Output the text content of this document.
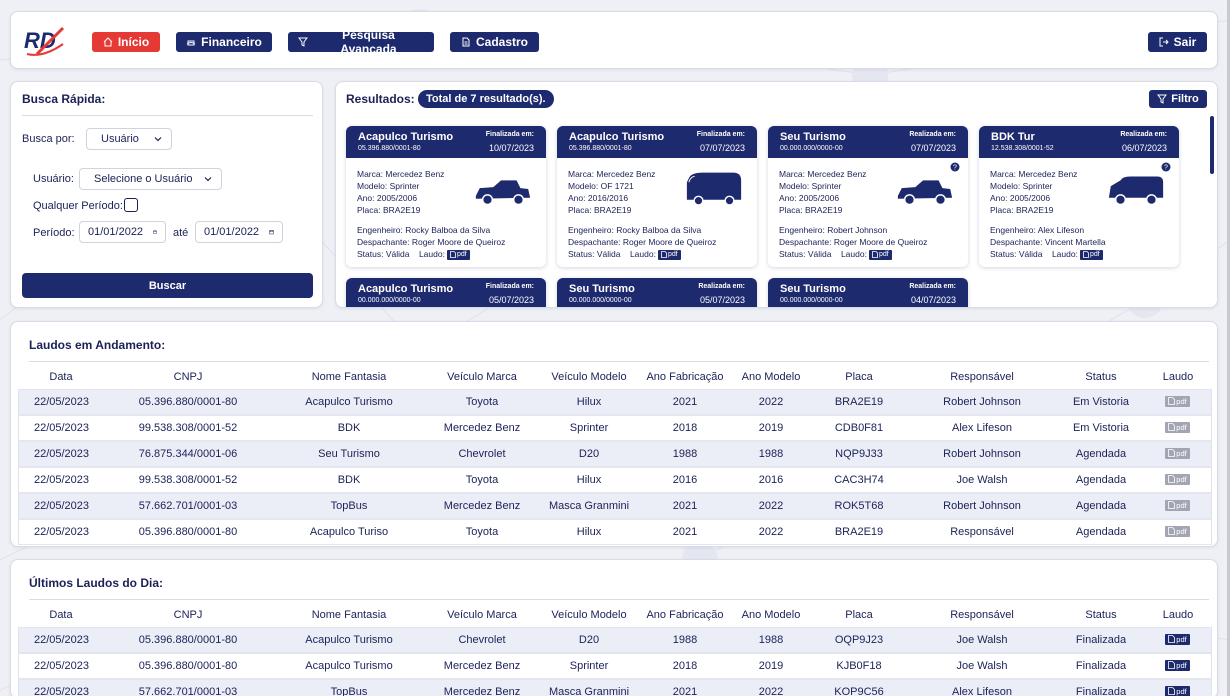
RD	Início	Financeiro	Pesquisa Avançada	Cadastro	Sair
Busca Rápida:
Busca por: Usuário
Usuário: Selecione o Usuário
Qualquer Período:
Período: 01/01/2022	até 01/01/2022
Buscar
Resultados:	Total de 7 resultado(s).	Filtro
Acapulco Turismo
05.396.880/0001-80
Finalizada em:
10/07/2023
Marca: Mercedez Benz
Modelo: Sprinter
Ano: 2005/2006
Placa: BRA2E19
Engenheiro: Rocky Balboa da Silva
Despachante: Roger Moore de Queiroz
Status: Válida Laudo: pdf
Acapulco Turismo
05.396.880/0001-80
Finalizada em:
07/07/2023
Marca: Mercedez Benz
Modelo: OF 1721
Ano: 2016/2016
Placa: BRA2E19
Engenheiro: Rocky Balboa da Silva
Despachante: Roger Moore de Queiroz
Status: Válida Laudo: pdf
Seu Turismo
00.000.000/0000-00
Realizada em:
07/07/2023
Marca: Mercedez Benz
Modelo: Sprinter
Ano: 2005/2006
Placa: BRA2E19
Engenheiro: Robert Johnson
Despachante: Roger Moore de Queiroz
Status: Válida Laudo: pdf
?
BDK Tur
12.538.308/0001-52
Realizada em:
06/07/2023
Marca: Mercedez Benz
Modelo: Sprinter
Ano: 2005/2006
Placa: BRA2E19
Engenheiro: Alex Lifeson
Despachante: Vincent Martella
Status: Válida Laudo: pdf
?
Acapulco Turismo
00.000.000/0000-00
Finalizada em:
05/07/2023
Seu Turismo
00.000.000/0000-00
Realizada em:
05/07/2023
Seu Turismo
00.000.000/0000-00
Realizada em:
04/07/2023
Laudos em Andamento:
Data	CNPJ	Nome Fantasia	Veículo Marca	Veículo Modelo	Ano Fabricação	Ano Modelo	Placa	Responsável	Status	Laudo
22/05/2023	05.396.880/0001-80	Acapulco Turismo	Toyota	Hilux	2021	2022	BRA2E19	Robert Johnson	Em Vistoria	pdf

22/05/2023	99.538.308/0001-52	BDK	Mercedez Benz	Sprinter	2018	2019	CDB0F81	Alex Lifeson	Em Vistoria	pdf

22/05/2023	76.875.344/0001-06	Seu Turismo	Chevrolet	D20	1988	1988	NQP9J33	Robert Johnson	Agendada	pdf

22/05/2023	99.538.308/0001-52	BDK	Toyota	Hilux	2016	2016	CAC3H74	Joe Walsh	Agendada	pdf

22/05/2023	57.662.701/0001-03	TopBus	Mercedez Benz	Masca Granmini	2021	2022	ROK5T68	Robert Johnson	Agendada	pdf

22/05/2023	05.396.880/0001-80	Acapulco Turiso	Toyota	Hilux	2021	2022	BRA2E19	Responsável	Agendada	pdf
Últimos Laudos do Dia:
Data	CNPJ	Nome Fantasia	Veículo Marca	Veículo Modelo	Ano Fabricação	Ano Modelo	Placa	Responsável	Status	Laudo
22/05/2023	05.396.880/0001-80	Acapulco Turismo	Chevrolet	D20	1988	1988	OQP9J23	Joe Walsh	Finalizada	pdf

22/05/2023	05.396.880/0001-80	Acapulco Turismo	Mercedez Benz	Sprinter	2018	2019	KJB0F18	Joe Walsh	Finalizada	pdf

22/05/2023	57.662.701/0001-03	TopBus	Mercedez Benz	Masca Granmini	2021	2022	KOP9C56	Alex Lifeson	Finalizada	pdf
